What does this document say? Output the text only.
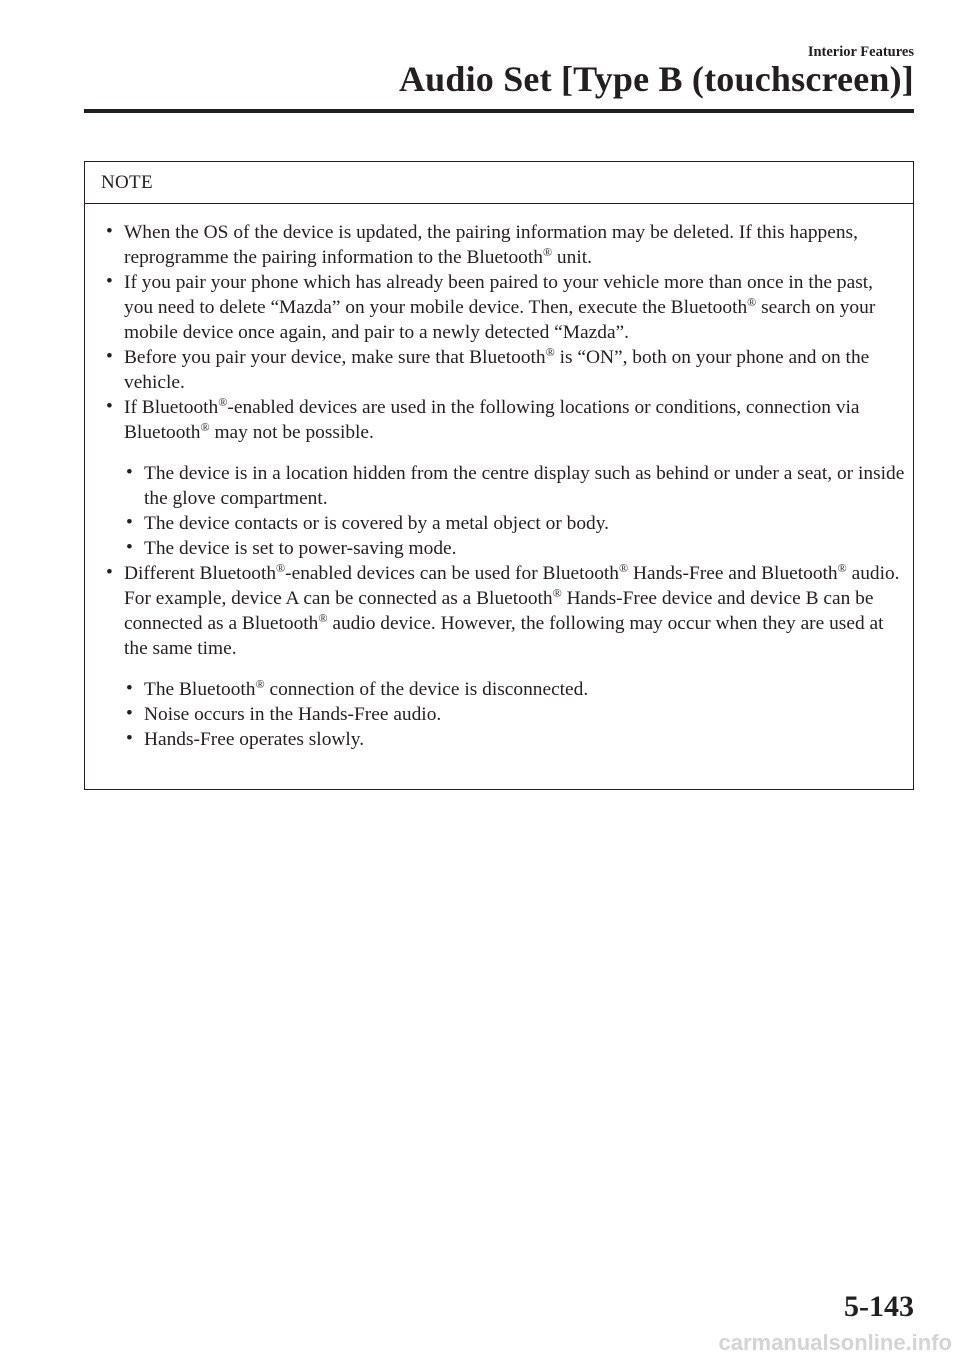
Interior Features
Audio Set [Type B (touchscreen)]
NOTE
• When the OS of the device is updated, the pairing information may be deleted. If this happens, reprogramme the pairing information to the Bluetooth® unit.
• If you pair your phone which has already been paired to your vehicle more than once in the past, you need to delete “Mazda” on your mobile device. Then, execute the Bluetooth® search on your mobile device once again, and pair to a newly detected “Mazda”.
• Before you pair your device, make sure that Bluetooth® is “ON”, both on your phone and on the vehicle.
• If Bluetooth®-enabled devices are used in the following locations or conditions, connection via Bluetooth® may not be possible.
• The device is in a location hidden from the centre display such as behind or under a seat, or inside the glove compartment.
• The device contacts or is covered by a metal object or body.
• The device is set to power-saving mode.
• Different Bluetooth®-enabled devices can be used for Bluetooth® Hands-Free and Bluetooth® audio. For example, device A can be connected as a Bluetooth® Hands-Free device and device B can be connected as a Bluetooth® audio device. However, the following may occur when they are used at the same time.
• The Bluetooth® connection of the device is disconnected.
• Noise occurs in the Hands-Free audio.
• Hands-Free operates slowly.
5-143
carmanualsonline.info
